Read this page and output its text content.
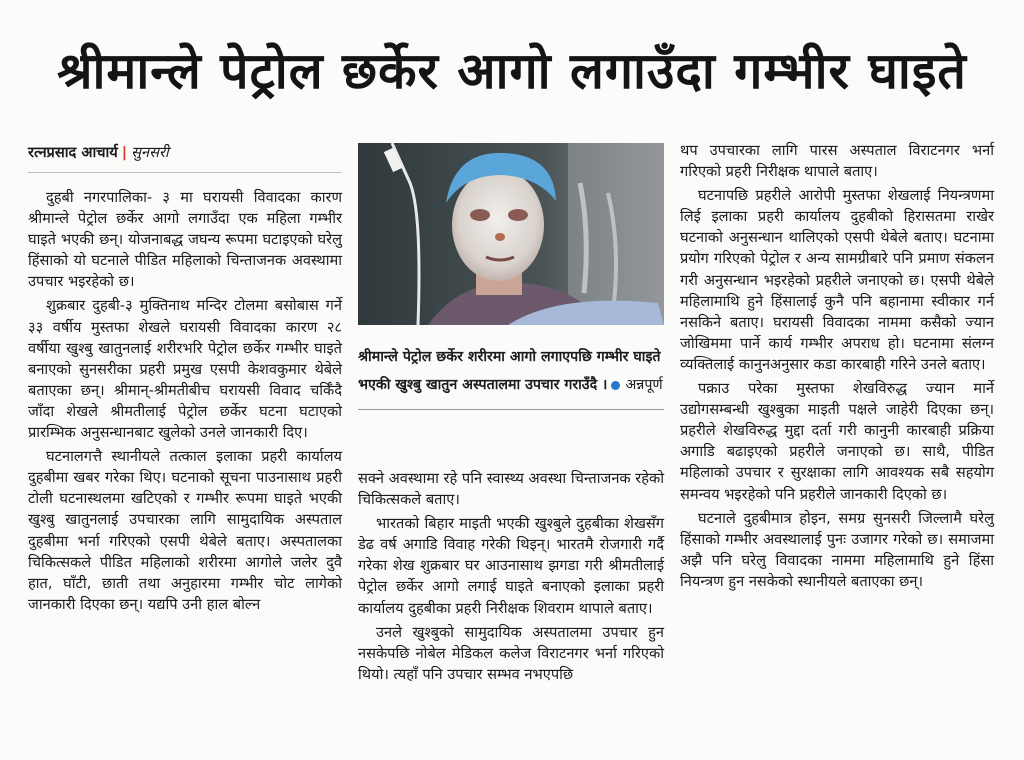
श्रीमान्ले पेट्रोल छर्केर आगो लगाउँदा गम्भीर घाइते
रत्नप्रसाद आचार्य | सुनसरी

दुहबी नगरपालिका- ३ मा घरायसी विवादका कारण श्रीमान्ले पेट्रोल छर्केर आगो लगाउँदा एक महिला गम्भीर घाइते भएकी छन्। योजनाबद्ध जघन्य रूपमा घटाइएको घरेलु हिंसाको यो घटनाले पीडित महिलाको चिन्ताजनक अवस्थामा उपचार भइरहेको छ।

शुक्रबार दुहबी-३ मुक्तिनाथ मन्दिर टोलमा बसोबास गर्ने ३३ वर्षीय मुस्तफा शेखले घरायसी विवादका कारण २८ वर्षीया खुश्बु खातुनलाई शरीरभरि पेट्रोल छर्केर गम्भीर घाइते बनाएको सुनसरीका प्रहरी प्रमुख एसपी केशवकुमार थेबेले बताएका छन्। श्रीमान्-श्रीमतीबीच घरायसी विवाद चर्किँदै जाँदा शेखले श्रीमतीलाई पेट्रोल छर्केर घटना घटाएको प्रारम्भिक अनुसन्धानबाट खुलेको उनले जानकारी दिए।

घटनालगत्तै स्थानीयले तत्काल इलाका प्रहरी कार्यालय दुहबीमा खबर गरेका थिए। घटनाको सूचना पाउनासाथ प्रहरी टोली घटनास्थलमा खटिएको र गम्भीर रूपमा घाइते भएकी खुश्बु खातुनलाई उपचारका लागि सामुदायिक अस्पताल दुहबीमा भर्ना गरिएको एसपी थेबेले बताए। अस्पतालका चिकित्सकले पीडित महिलाको शरीरमा आगोले जलेर दुवै हात, घाँटी, छाती तथा अनुहारमा गम्भीर चोट लागेको जानकारी दिएका छन्। यद्यपि उनी हाल बोल्न

श्रीमान्ले पेट्रोल छर्केर शरीरमा आगो लगाएपछि गम्भीर घाइते भएकी खुश्बु खातुन अस्पतालमा उपचार गराउँदै । अन्नपूर्ण

सक्ने अवस्थामा रहे पनि स्वास्थ्य अवस्था चिन्ताजनक रहेको चिकित्सकले बताए।

भारतको बिहार माइती भएकी खुश्बुले दुहबीका शेखसँग डेढ वर्ष अगाडि विवाह गरेकी थिइन्। भारतमै रोजगारी गर्दै गरेका शेख शुक्रबार घर आउनासाथ झगडा गरी श्रीमतीलाई पेट्रोल छर्केर आगो लगाई घाइते बनाएको इलाका प्रहरी कार्यालय दुहबीका प्रहरी निरीक्षक शिवराम थापाले बताए।

उनले खुश्बुको सामुदायिक अस्पतालमा उपचार हुन नसकेपछि नोबेल मेडिकल कलेज विराटनगर भर्ना गरिएको थियो। त्यहाँ पनि उपचार सम्भव नभएपछि

थप उपचारका लागि पारस अस्पताल विराटनगर भर्ना गरिएको प्रहरी निरीक्षक थापाले बताए।

घटनापछि प्रहरीले आरोपी मुस्तफा शेखलाई नियन्त्रणमा लिई इलाका प्रहरी कार्यालय दुहबीको हिरासतमा राखेर घटनाको अनुसन्धान थालिएको एसपी थेबेले बताए। घटनामा प्रयोग गरिएको पेट्रोल र अन्य सामग्रीबारे पनि प्रमाण संकलन गरी अनुसन्धान भइरहेको प्रहरीले जनाएको छ। एसपी थेबेले महिलामाथि हुने हिंसालाई कुनै पनि बहानामा स्वीकार गर्न नसकिने बताए। घरायसी विवादका नाममा कसैको ज्यान जोखिममा पार्ने कार्य गम्भीर अपराध हो। घटनामा संलग्न व्यक्तिलाई कानुनअनुसार कडा कारबाही गरिने उनले बताए।

पक्राउ परेका मुस्तफा शेखविरुद्ध ज्यान मार्ने उद्योगसम्बन्धी खुश्बुका माइती पक्षले जाहेरी दिएका छन्। प्रहरीले शेखविरुद्ध मुद्दा दर्ता गरी कानुनी कारबाही प्रक्रिया अगाडि बढाइएको प्रहरीले जनाएको छ। साथै, पीडित महिलाको उपचार र सुरक्षाका लागि आवश्यक सबै सहयोग समन्वय भइरहेको पनि प्रहरीले जानकारी दिएको छ।

घटनाले दुहबीमात्र होइन, समग्र सुनसरी जिल्लामै घरेलु हिंसाको गम्भीर अवस्थालाई पुनः उजागर गरेको छ। समाजमा अझै पनि घरेलु विवादका नाममा महिलामाथि हुने हिंसा नियन्त्रण हुन नसकेको स्थानीयले बताएका छन्।
